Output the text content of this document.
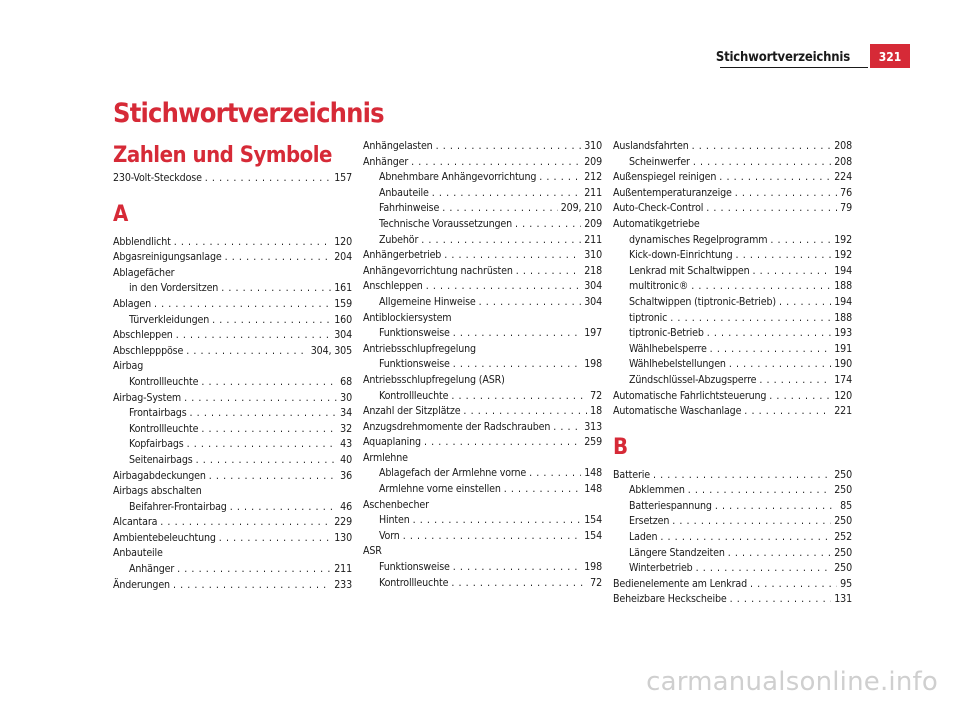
Stichwortverzeichnis	321
Stichwortverzeichnis
Zahlen und Symbole
230-Volt-Steckdose . . .	157
A
Abblendlicht . . .	120
Abgasreinigungsanlage . . .	204
Ablagefächer
in den Vordersitzen . . .	161
Ablagen . . .	159
Türverkleidungen . . .	160
Abschleppen . . .	304
Abschlepppöse . . .	304, 305
Airbag
Kontrollleuchte . . .	68
Airbag-System . . .	30
Frontairbags . . .	34
Kontrollleuchte . . .	32
Kopfairbags . . .	43
Seitenairbags . . .	40
Airbagabdeckungen . . .	36
Airbags abschalten
Beifahrer-Frontairbag . . .	46
Alcantara . . .	229
Ambientebeleuchtung . . .	130
Anbauteile
Anhänger . . .	211
Änderungen . . .	233
Anhängelasten . . .	310
Anhänger . . .	209
Abnehmbare Anhängevorrichtung . . .	212
Anbauteile . . .	211
Fahrhinweise . . .	209, 210
Technische Voraussetzungen . . .	209
Zubehör . . .	211
Anhängerbetrieb . . .	310
Anhängevorrichtung nachrüsten . . .	218
Anschleppen . . .	304
Allgemeine Hinweise . . .	304
Antiblockiersystem
Funktionsweise . . .	197
Antriebsschlupfregelung
Funktionsweise . . .	198
Antriebsschlupfregelung (ASR)
Kontrollleuchte . . .	72
Anzahl der Sitzplätze . . .	18
Anzugsdrehmomente der Radschrauben . . .	313
Aquaplaning . . .	259
Armlehne
Ablagefach der Armlehne vorne . . .	148
Armlehne vorne einstellen . . .	148
Aschenbecher
Hinten . . .	154
Vorn . . .	154
ASR
Funktionsweise . . .	198
Kontrollleuchte . . .	72
Auslandsfahrten . . .	208
Scheinwerfer . . .	208
Außenspiegel reinigen . . .	224
Außentemperaturanzeige . . .	76
Auto-Check-Control . . .	79
Automatikgetriebe
dynamisches Regelprogramm . . .	192
Kick-down-Einrichtung . . .	192
Lenkrad mit Schaltwippen . . .	194
multitronic® . . .	188
Schaltwippen (tiptronic-Betrieb) . . .	194
tiptronic . . .	188
tiptronic-Betrieb . . .	193
Wählhebelsperre . . .	191
Wählhebelstellungen . . .	190
Zündschlüssel-Abzugsperre . . .	174
Automatische Fahrlichtsteuerung . . .	120
Automatische Waschanlage . . .	221
B
Batterie . . .	250
Abklemmen . . .	250
Batteriespannung . . .	85
Ersetzen . . .	250
Laden . . .	252
Längere Standzeiten . . .	250
Winterbetrieb . . .	250
Bedienelemente am Lenkrad . . .	95
Beheizbare Heckscheibe . . .	131
carmanualsonline.info
